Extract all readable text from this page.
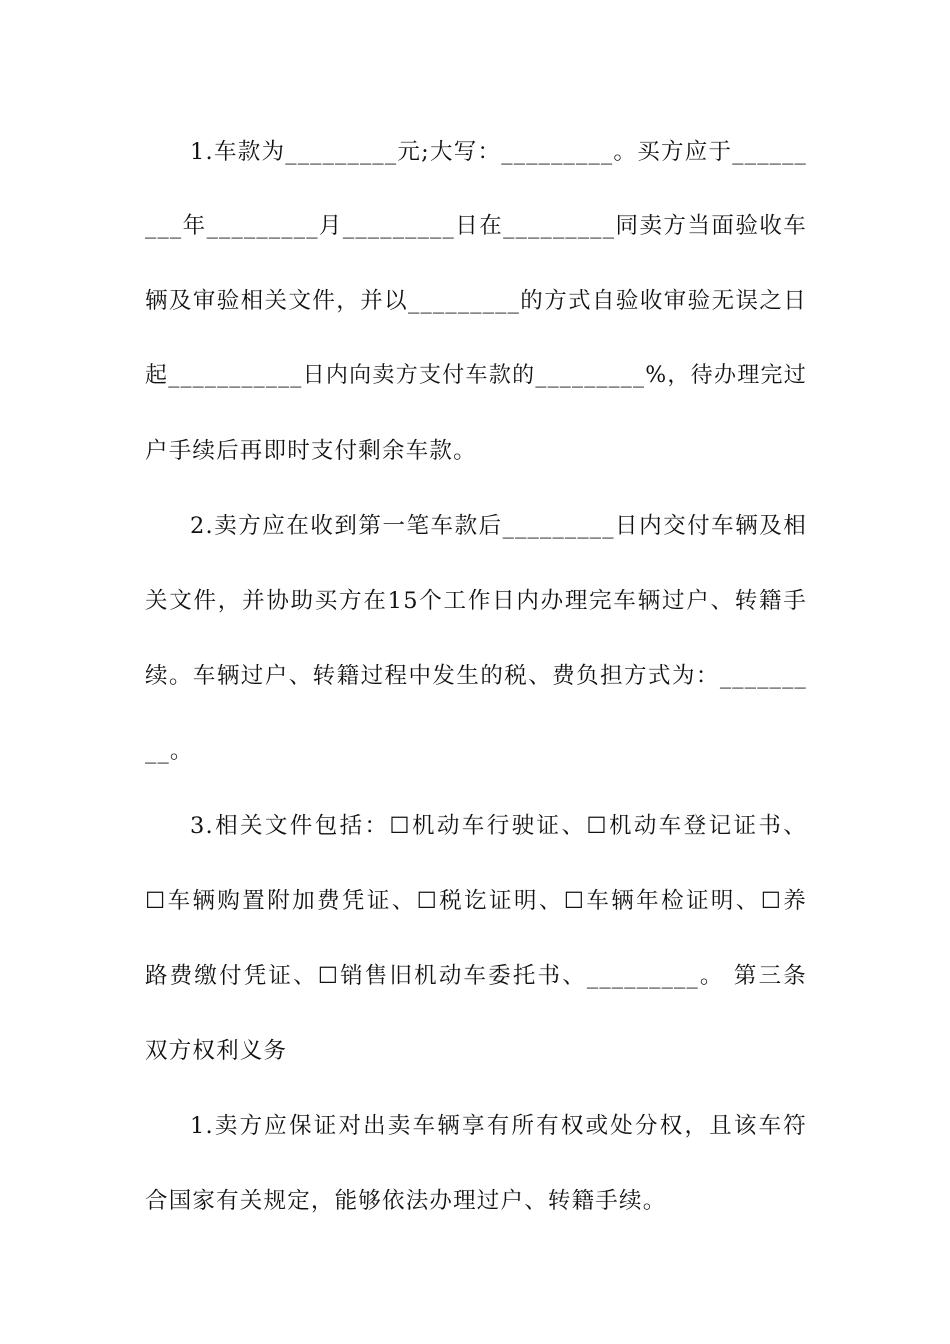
1.车款为_________元;大写：_________。买方应于______
___年_________月_________日在_________同卖方当面验收车
辆及审验相关文件，并以_________的方式自验收审验无误之日
起___________日内向卖方支付车款的_________%，待办理完过
户手续后再即时支付剩余车款。
2.卖方应在收到第一笔车款后_________日内交付车辆及相
关文件，并协助买方在15个工作日内办理完车辆过户、转籍手
续。车辆过户、转籍过程中发生的税、费负担方式为：_______
__。
3.相关文件包括：☐机动车行驶证、☐机动车登记证书、
☐车辆购置附加费凭证、☐税讫证明、☐车辆年检证明、☐养
路费缴付凭证、☐销售旧机动车委托书、_________。 第三条
双方权利义务
1.卖方应保证对出卖车辆享有所有权或处分权，且该车符
合国家有关规定，能够依法办理过户、转籍手续。
